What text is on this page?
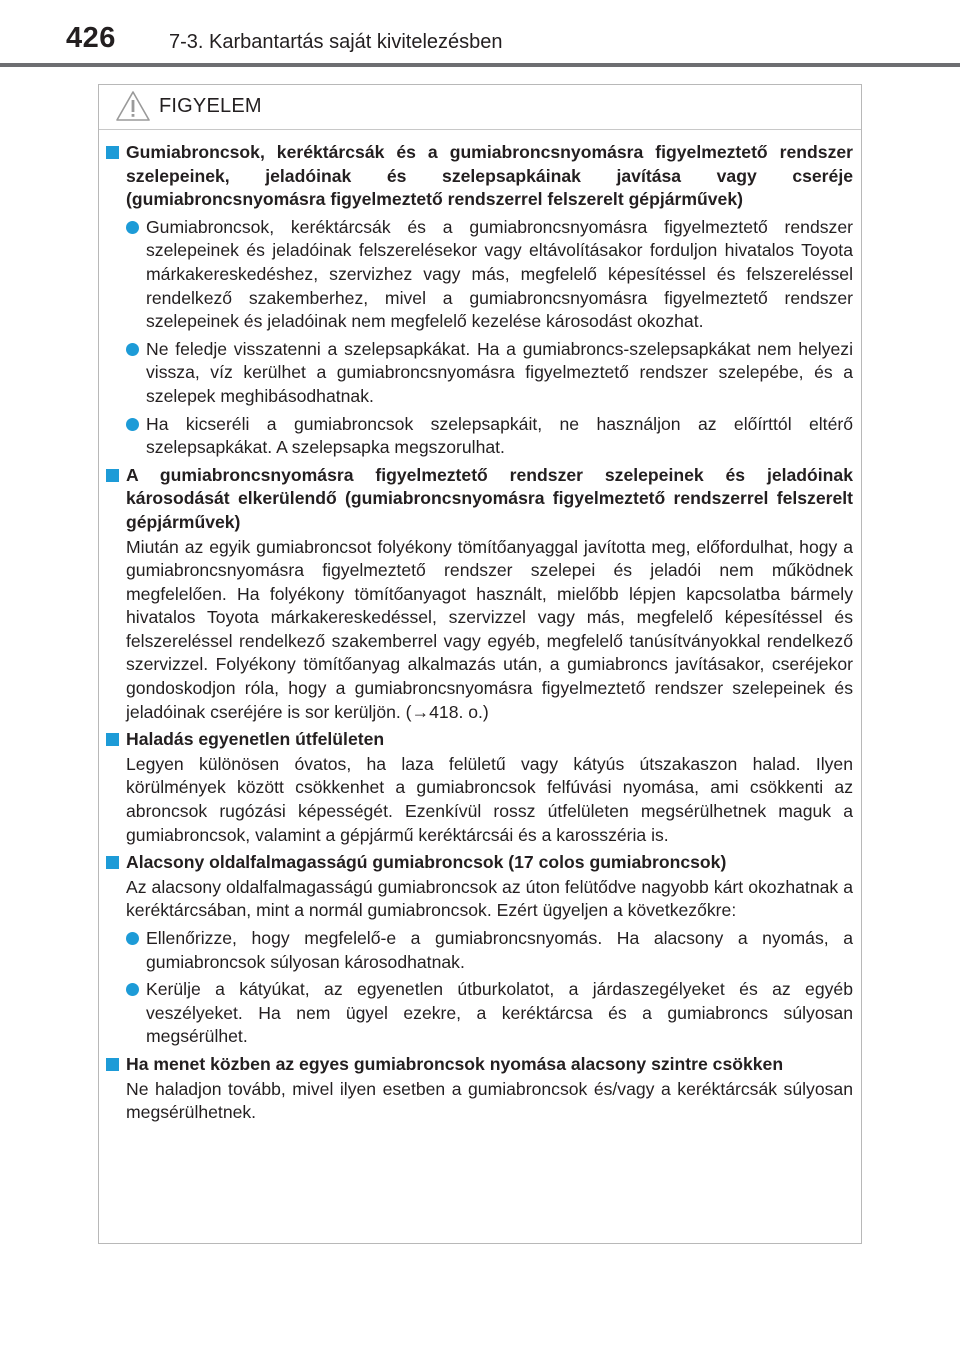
426	7-3. Karbantartás saját kivitelezésben
FIGYELEM
Gumiabroncsok, keréktárcsák és a gumiabroncsnyomásra figyelmeztető rendszer szelepeinek, jeladóinak és szelepsapkáinak javítása vagy cseréje (gumiabroncsnyomásra figyelmeztető rendszerrel felszerelt gépjárművek)
Gumiabroncsok, keréktárcsák és a gumiabroncsnyomásra figyelmeztető rendszer szelepeinek és jeladóinak felszerelésekor vagy eltávolításakor forduljon hivatalos Toyota márkakereskedéshez, szervizhez vagy más, megfelelő képesítéssel és felszereléssel rendelkező szakemberhez, mivel a gumiabroncsnyomásra figyelmeztető rendszer szelepeinek és jeladóinak nem megfelelő kezelése károsodást okozhat.
Ne feledje visszatenni a szelepsapkákat. Ha a gumiabroncs-szelepsapkákat nem helyezi vissza, víz kerülhet a gumiabroncsnyomásra figyelmeztető rendszer szelepébe, és a szelepek meghibásodhatnak.
Ha kicseréli a gumiabroncsok szelepsapkáit, ne használjon az előírttól eltérő szelepsapkákat. A szelepsapka megszorulhat.
A gumiabroncsnyomásra figyelmeztető rendszer szelepeinek és jeladóinak károsodását elkerülendő (gumiabroncsnyomásra figyelmeztető rendszerrel felszerelt gépjárművek)
Miután az egyik gumiabroncsot folyékony tömítőanyaggal javította meg, előfordulhat, hogy a gumiabroncsnyomásra figyelmeztető rendszer szelepei és jeladói nem működnek megfelelően. Ha folyékony tömítőanyagot használt, mielőbb lépjen kapcsolatba bármely hivatalos Toyota márkakereskedéssel, szervizzel vagy más, megfelelő képesítéssel és felszereléssel rendelkező szakemberrel vagy egyéb, megfelelő tanúsítványokkal rendelkező szervizzel. Folyékony tömítőanyag alkalmazás után, a gumiabroncs javításakor, cseréjekor gondoskodjon róla, hogy a gumiabroncsnyomásra figyelmeztető rendszer szelepeinek és jeladóinak cseréjére is sor kerüljön. (→418. o.)
Haladás egyenetlen útfelületen
Legyen különösen óvatos, ha laza felületű vagy kátyús útszakaszon halad. Ilyen körülmények között csökkenhet a gumiabroncsok felfúvási nyomása, ami csökkenti az abroncsok rugózási képességét. Ezenkívül rossz útfelületen megsérülhetnek maguk a gumiabroncsok, valamint a gépjármű keréktárcsái és a karosszéria is.
Alacsony oldalfalmagasságú gumiabroncsok (17 colos gumiabroncsok)
Az alacsony oldalfalmagasságú gumiabroncsok az úton felütődve nagyobb kárt okozhatnak a keréktárcsában, mint a normál gumiabroncsok. Ezért ügyeljen a következőkre:
Ellenőrizze, hogy megfelelő-e a gumiabroncsnyomás. Ha alacsony a nyomás, a gumiabroncsok súlyosan károsodhatnak.
Kerülje a kátyúkat, az egyenetlen útburkolatot, a járdaszegélyeket és az egyéb veszélyeket. Ha nem ügyel ezekre, a keréktárcsa és a gumiabroncs súlyosan megsérülhet.
Ha menet közben az egyes gumiabroncsok nyomása alacsony szintre csökken
Ne haladjon tovább, mivel ilyen esetben a gumiabroncsok és/vagy a keréktárcsák súlyosan megsérülhetnek.
